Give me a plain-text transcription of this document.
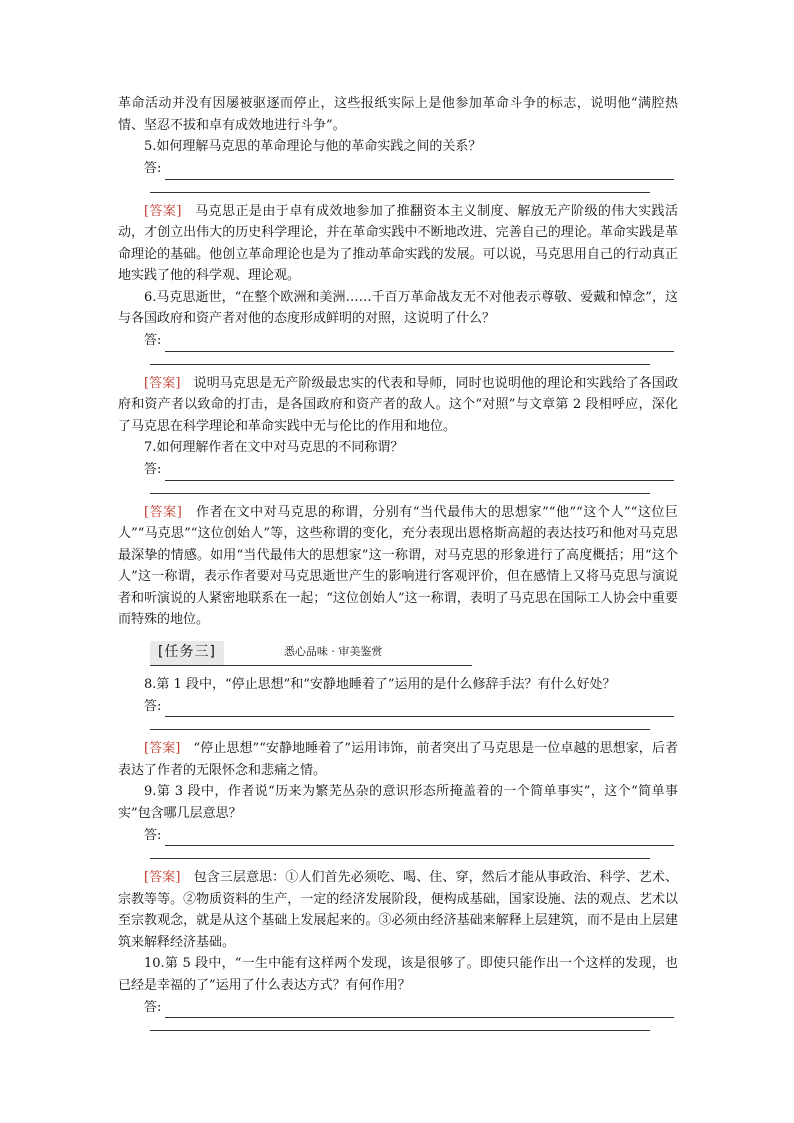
革命活动并没有因屡被驱逐而停止，这些报纸实际上是他参加革命斗争的标志，说明他“满腔热情、坚忍不拔和卓有成效地进行斗争”。

5.如何理解马克思的革命理论与他的革命实践之间的关系？

答:

[答案]　 马克思正是由于卓有成效地参加了推翻资本主义制度、解放无产阶级的伟大实践活动，才创立出伟大的历史科学理论，并在革命实践中不断地改进、完善自己的理论。革命实践是革命理论的基础。他创立革命理论也是为了推动革命实践的发展。可以说，马克思用自己的行动真正地实践了他的科学观、理论观。

6.马克思逝世，“在整个欧洲和美洲……千百万革命战友无不对他表示尊敬、爱戴和悼念”，这与各国政府和资产者对他的态度形成鲜明的对照，这说明了什么？

答:

[答案]　 说明马克思是无产阶级最忠实的代表和导师，同时也说明他的理论和实践给了各国政府和资产者以致命的打击，是各国政府和资产者的敌人。这个“对照”与文章第 2 段相呼应，深化了马克思在科学理论和革命实践中无与伦比的作用和地位。

7.如何理解作者在文中对马克思的不同称谓？

答:

[答案]　 作者在文中对马克思的称谓，分别有“当代最伟大的思想家”“他”“这个人”“这位巨人”“马克思”“这位创始人”等，这些称谓的变化，充分表现出恩格斯高超的表达技巧和他对马克思最深挚的情感。如用“当代最伟大的思想家”这一称谓，对马克思的形象进行了高度概括；用“这个人”这一称谓，表示作者要对马克思逝世产生的影响进行客观评价，但在感情上又将马克思与演说者和听演说的人紧密地联系在一起；“这位创始人”这一称谓，表明了马克思在国际工人协会中重要而特殊的地位。

[任务三]	悉心品味 · 审美鉴赏

8.第 1 段中，“停止思想”和“安静地睡着了”运用的是什么修辞手法？有什么好处？

答:

[答案]　 “停止思想”“安静地睡着了”运用讳饰，前者突出了马克思是一位卓越的思想家，后者表达了作者的无限怀念和悲痛之情。

9.第 3 段中，作者说“历来为繁芜丛杂的意识形态所掩盖着的一个简单事实”，这个“简单事实”包含哪几层意思？

答:

[答案]　 包含三层意思：①人们首先必须吃、喝、住、穿，然后才能从事政治、科学、艺术、宗教等等。②物质资料的生产，一定的经济发展阶段，便构成基础，国家设施、法的观点、艺术以至宗教观念，就是从这个基础上发展起来的。③必须由经济基础来解释上层建筑，而不是由上层建筑来解释经济基础。

10.第 5 段中，“一生中能有这样两个发现，该是很够了。即使只能作出一个这样的发现，也已经是幸福的了”运用了什么表达方式？有何作用？

答:
